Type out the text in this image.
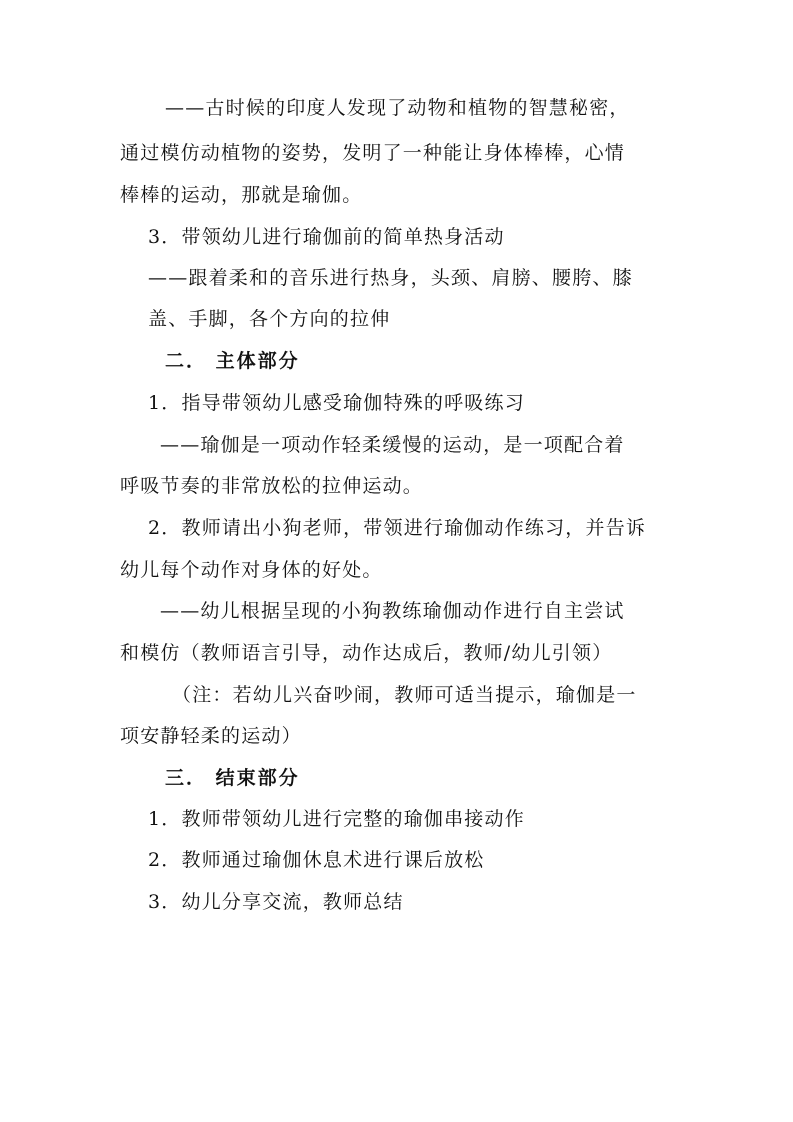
——古时候的印度人发现了动物和植物的智慧秘密，
通过模仿动植物的姿势，发明了一种能让身体棒棒，心情
棒棒的运动，那就是瑜伽。
3．带领幼儿进行瑜伽前的简单热身活动
——跟着柔和的音乐进行热身，头颈、肩膀、腰胯、膝
盖、手脚，各个方向的拉伸
二． 主体部分
1．指导带领幼儿感受瑜伽特殊的呼吸练习
——瑜伽是一项动作轻柔缓慢的运动，是一项配合着
呼吸节奏的非常放松的拉伸运动。
2．教师请出小狗老师，带领进行瑜伽动作练习，并告诉
幼儿每个动作对身体的好处。
——幼儿根据呈现的小狗教练瑜伽动作进行自主尝试
和模仿（教师语言引导，动作达成后，教师/幼儿引领）
（注：若幼儿兴奋吵闹，教师可适当提示，瑜伽是一
项安静轻柔的运动）
三． 结束部分
1．教师带领幼儿进行完整的瑜伽串接动作
2．教师通过瑜伽休息术进行课后放松
3．幼儿分享交流，教师总结
